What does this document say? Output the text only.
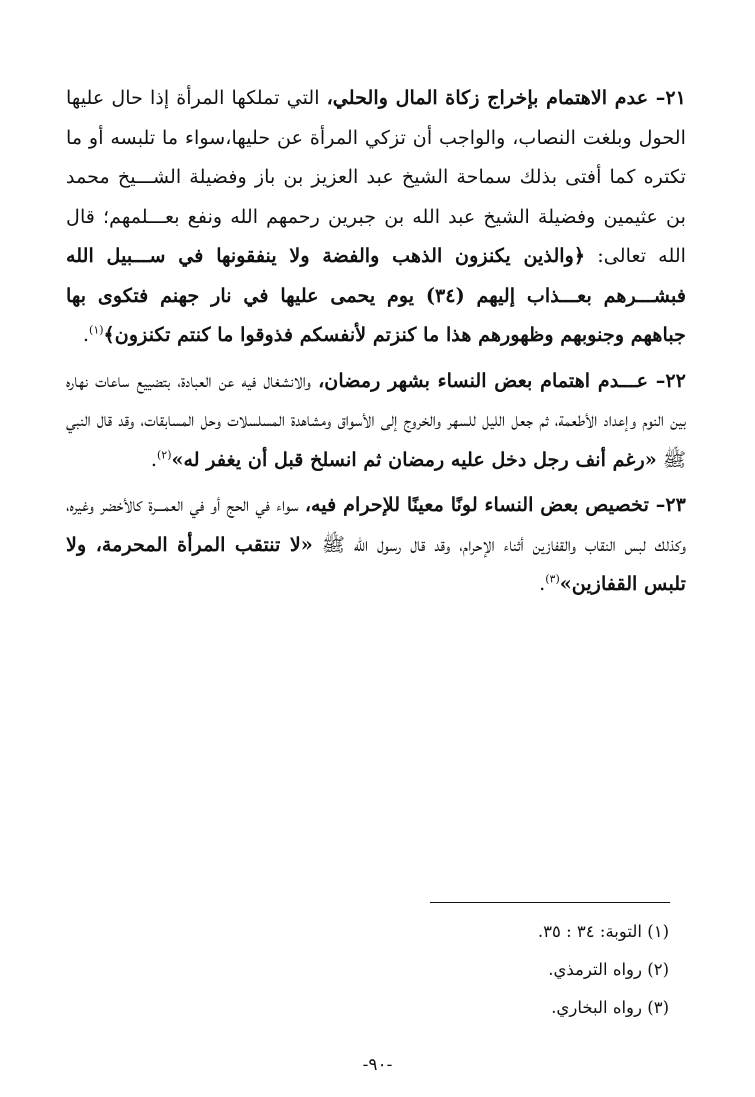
٢١– عدم الاهتمام بإخراج زكاة المال والحلي، التي تملكها المرأة إذا حال عليها الحول وبلغت النصاب، والواجب أن تزكي المرأة عن حليها،سواء ما تلبسه أو ما تكتره كما أفتى بذلك سماحة الشيخ عبد العزيز بن باز وفضيلة الشـــيخ محمد بن عثيمين وفضيلة الشيخ عبد الله بن جبرين رحمهم الله ونفع بعـــلمهم؛ قال الله تعالى: ﴿والذين يكنزون الذهب والفضة ولا ينفقونها في ســـبيل الله فبشـــرهم بعـــذاب إليهم (٣٤) يوم يحمى عليها في نار جهنم فتكوى بها جباههم وجنوبهم وظهورهم هذا ما كنزتم لأنفسكم فذوقوا ما كنتم تكنزون﴾$^{(١)}$.

٢٢– عـــدم اهتمام بعض النساء بشهر رمضان، والانشغال فيه عن العبادة، بتضييع ساعات نهاره بين النوم وإعداد الأطعمة، ثم جعل الليل للسهر والخروج إلى الأسواق ومشاهدة المسلسلات وحل المسابقات، وقد قال النبي ﷺ «رغم أنف رجل دخل عليه رمضان ثم انسلخ قبل أن يغفر له»$^{(٢)}$.

٢٣– تخصيص بعض النساء لونًا معينًا للإحرام فيه، سواء في الحج أو في العمـــرة كالأخضر وغيره، وكذلك لبس النقاب والقفازين أثناء الإحرام، وقد قال رسول الله ﷺ «لا تنتقب المرأة المحرمة، ولا تلبس القفازين»$^{(٣)}$.

(١) التوبة: ٣٤ : ٣٥.

(٢) رواه الترمذي.

(٣) رواه البخاري.

-٩٠-
